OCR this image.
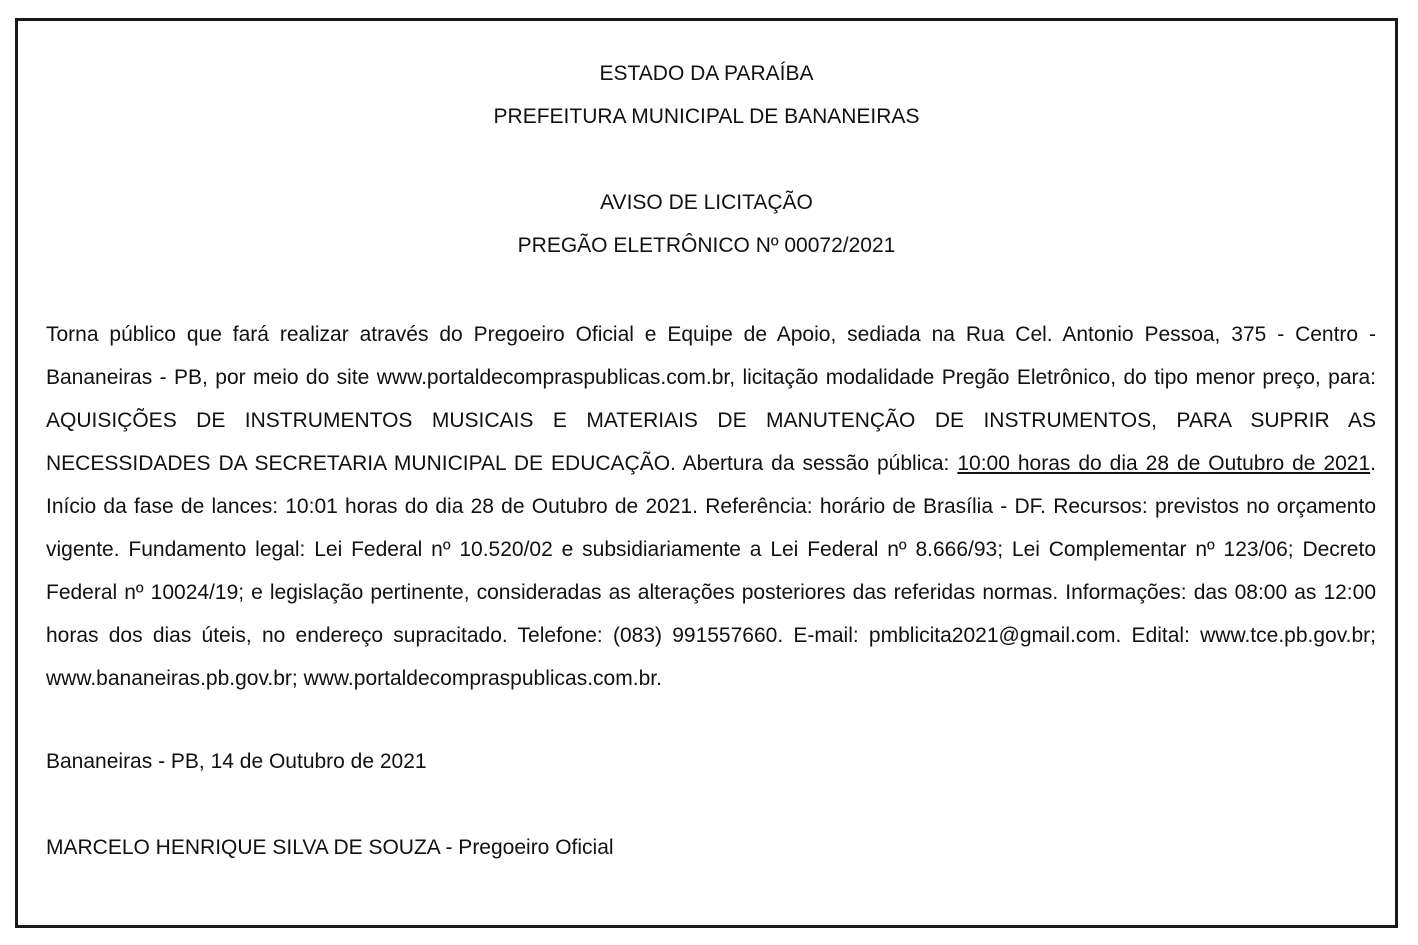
ESTADO DA PARAÍBA
PREFEITURA MUNICIPAL DE BANANEIRAS
AVISO DE LICITAÇÃO
PREGÃO ELETRÔNICO Nº 00072/2021
Torna público que fará realizar através do Pregoeiro Oficial e Equipe de Apoio, sediada na Rua Cel. Antonio Pessoa, 375 - Centro - Bananeiras - PB, por meio do site www.portaldecompraspublicas.com.br, licitação modalidade Pregão Eletrônico, do tipo menor preço, para: AQUISIÇÕES DE INSTRUMENTOS MUSICAIS E MATERIAIS DE MANUTENÇÃO DE INSTRUMENTOS, PARA SUPRIR AS NECESSIDADES DA SECRETARIA MUNICIPAL DE EDUCAÇÃO. Abertura da sessão pública: 10:00 horas do dia 28 de Outubro de 2021. Início da fase de lances: 10:01 horas do dia 28 de Outubro de 2021. Referência: horário de Brasília - DF. Recursos: previstos no orçamento vigente. Fundamento legal: Lei Federal nº 10.520/02 e subsidiariamente a Lei Federal nº 8.666/93; Lei Complementar nº 123/06; Decreto Federal nº 10024/19; e legislação pertinente, consideradas as alterações posteriores das referidas normas. Informações: das 08:00 as 12:00 horas dos dias úteis, no endereço supracitado. Telefone: (083) 991557660. E-mail: pmblicita2021@gmail.com. Edital: www.tce.pb.gov.br; www.bananeiras.pb.gov.br; www.portaldecompraspublicas.com.br.
Bananeiras - PB, 14 de Outubro de 2021
MARCELO HENRIQUE SILVA DE SOUZA - Pregoeiro Oficial
